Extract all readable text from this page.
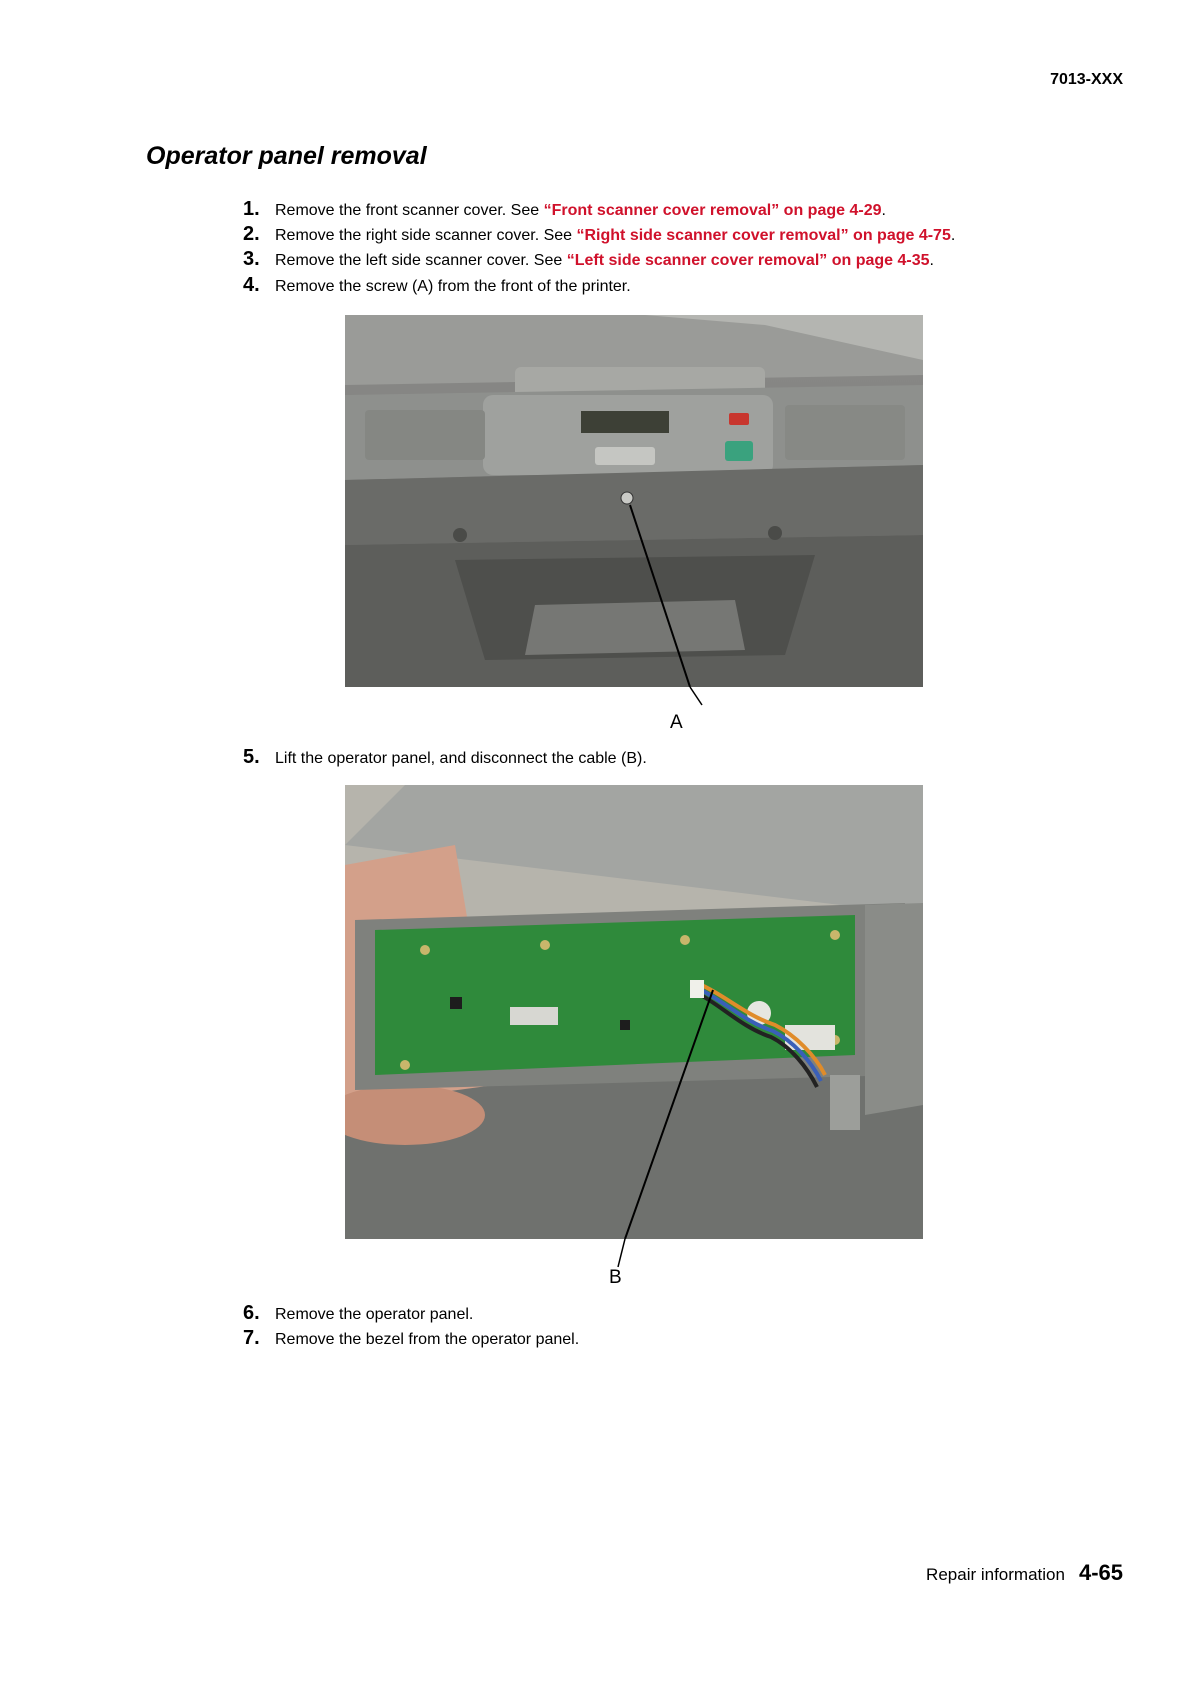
7013-XXX
Operator panel removal
1. Remove the front scanner cover. See “Front scanner cover removal” on page 4-29.
2. Remove the right side scanner cover. See “Right side scanner cover removal” on page 4-75.
3. Remove the left side scanner cover. See “Left side scanner cover removal” on page 4-35.
4. Remove the screw (A) from the front of the printer.
A
5. Lift the operator panel, and disconnect the cable (B).
B
6. Remove the operator panel.
7. Remove the bezel from the operator panel.
Repair information 4-65
